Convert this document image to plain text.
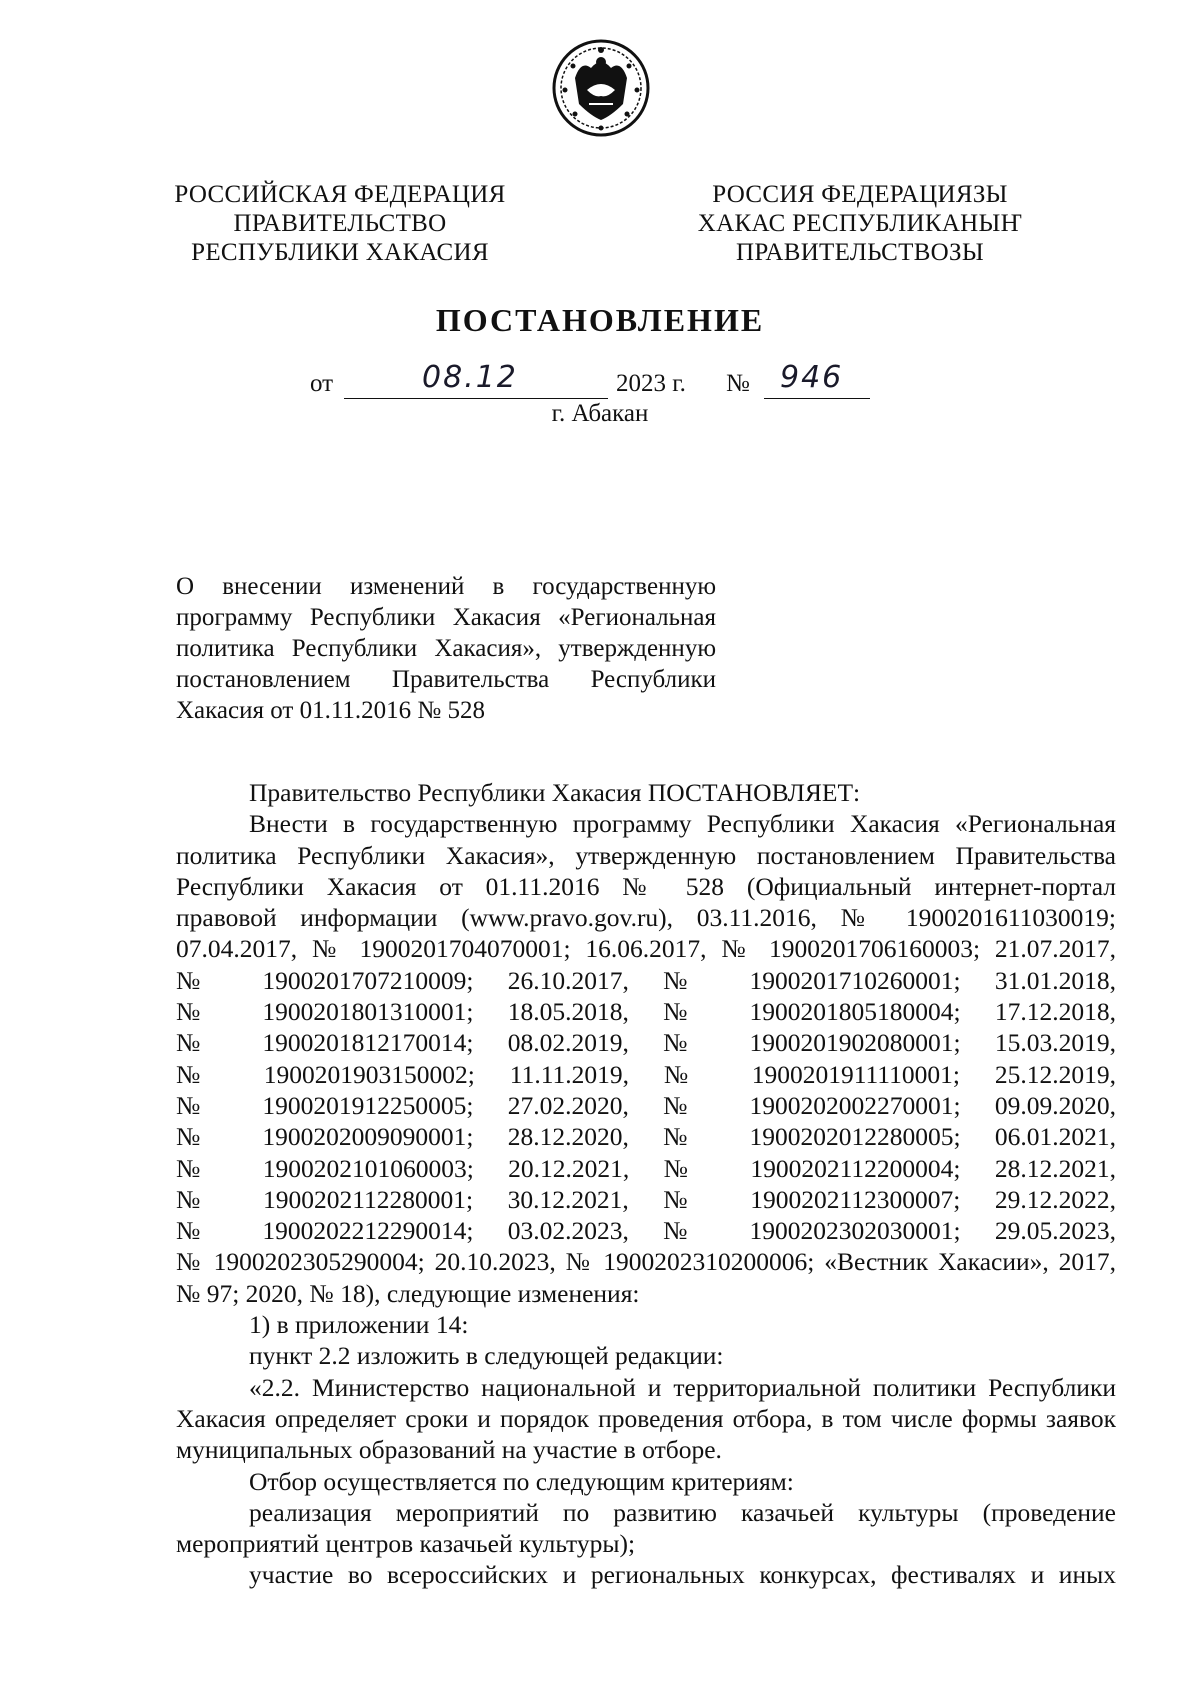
РОССИЙСКАЯ ФЕДЕРАЦИЯ
ПРАВИТЕЛЬСТВО
РЕСПУБЛИКИ ХАКАСИЯ
РОССИЯ ФЕДЕРАЦИЯЗЫ
ХАКАС РЕСПУБЛИКАНЫҤ
ПРАВИТЕЛЬСТВОЗЫ
ПОСТАНОВЛЕНИЕ
от	08.12	2023 г. № 946
г. Абакан
О внесении изменений в государственную программу Республики Хакасия «Региональная политика Республики Хакасия», утвержденную постановлением Правительства Республики Хакасия от 01.11.2016 № 528

Правительство Республики Хакасия ПОСТАНОВЛЯЕТ:

Внести в государственную программу Республики Хакасия «Региональная

политика Республики Хакасия», утвержденную постановлением Правительства

Республики Хакасия от 01.11.2016 № 528 (Официальный интернет-портал

правовой информации (www.pravo.gov.ru), 03.11.2016, № 1900201611030019;

07.04.2017, № 1900201704070001; 16.06.2017, № 1900201706160003; 21.07.2017,

№ 1900201707210009; 26.10.2017, № 1900201710260001; 31.01.2018,

№ 1900201801310001; 18.05.2018, № 1900201805180004; 17.12.2018,

№ 1900201812170014; 08.02.2019, № 1900201902080001; 15.03.2019,

№ 1900201903150002; 11.11.2019, № 1900201911110001; 25.12.2019,

№ 1900201912250005; 27.02.2020, № 1900202002270001; 09.09.2020,

№ 1900202009090001; 28.12.2020, № 1900202012280005; 06.01.2021,

№ 1900202101060003; 20.12.2021, № 1900202112200004; 28.12.2021,

№ 1900202112280001; 30.12.2021, № 1900202112300007; 29.12.2022,

№ 1900202212290014; 03.02.2023, № 1900202302030001; 29.05.2023,

№ 1900202305290004; 20.10.2023, № 1900202310200006; «Вестник Хакасии», 2017,

№ 97; 2020, № 18), следующие изменения:

1) в приложении 14:

пункт 2.2 изложить в следующей редакции:

«2.2. Министерство национальной и территориальной политики Республики

Хакасия определяет сроки и порядок проведения отбора, в том числе формы заявок

муниципальных образований на участие в отборе.

Отбор осуществляется по следующим критериям:

реализация мероприятий по развитию казачьей культуры (проведение

мероприятий центров казачьей культуры);

участие во всероссийских и региональных конкурсах, фестивалях и иных
